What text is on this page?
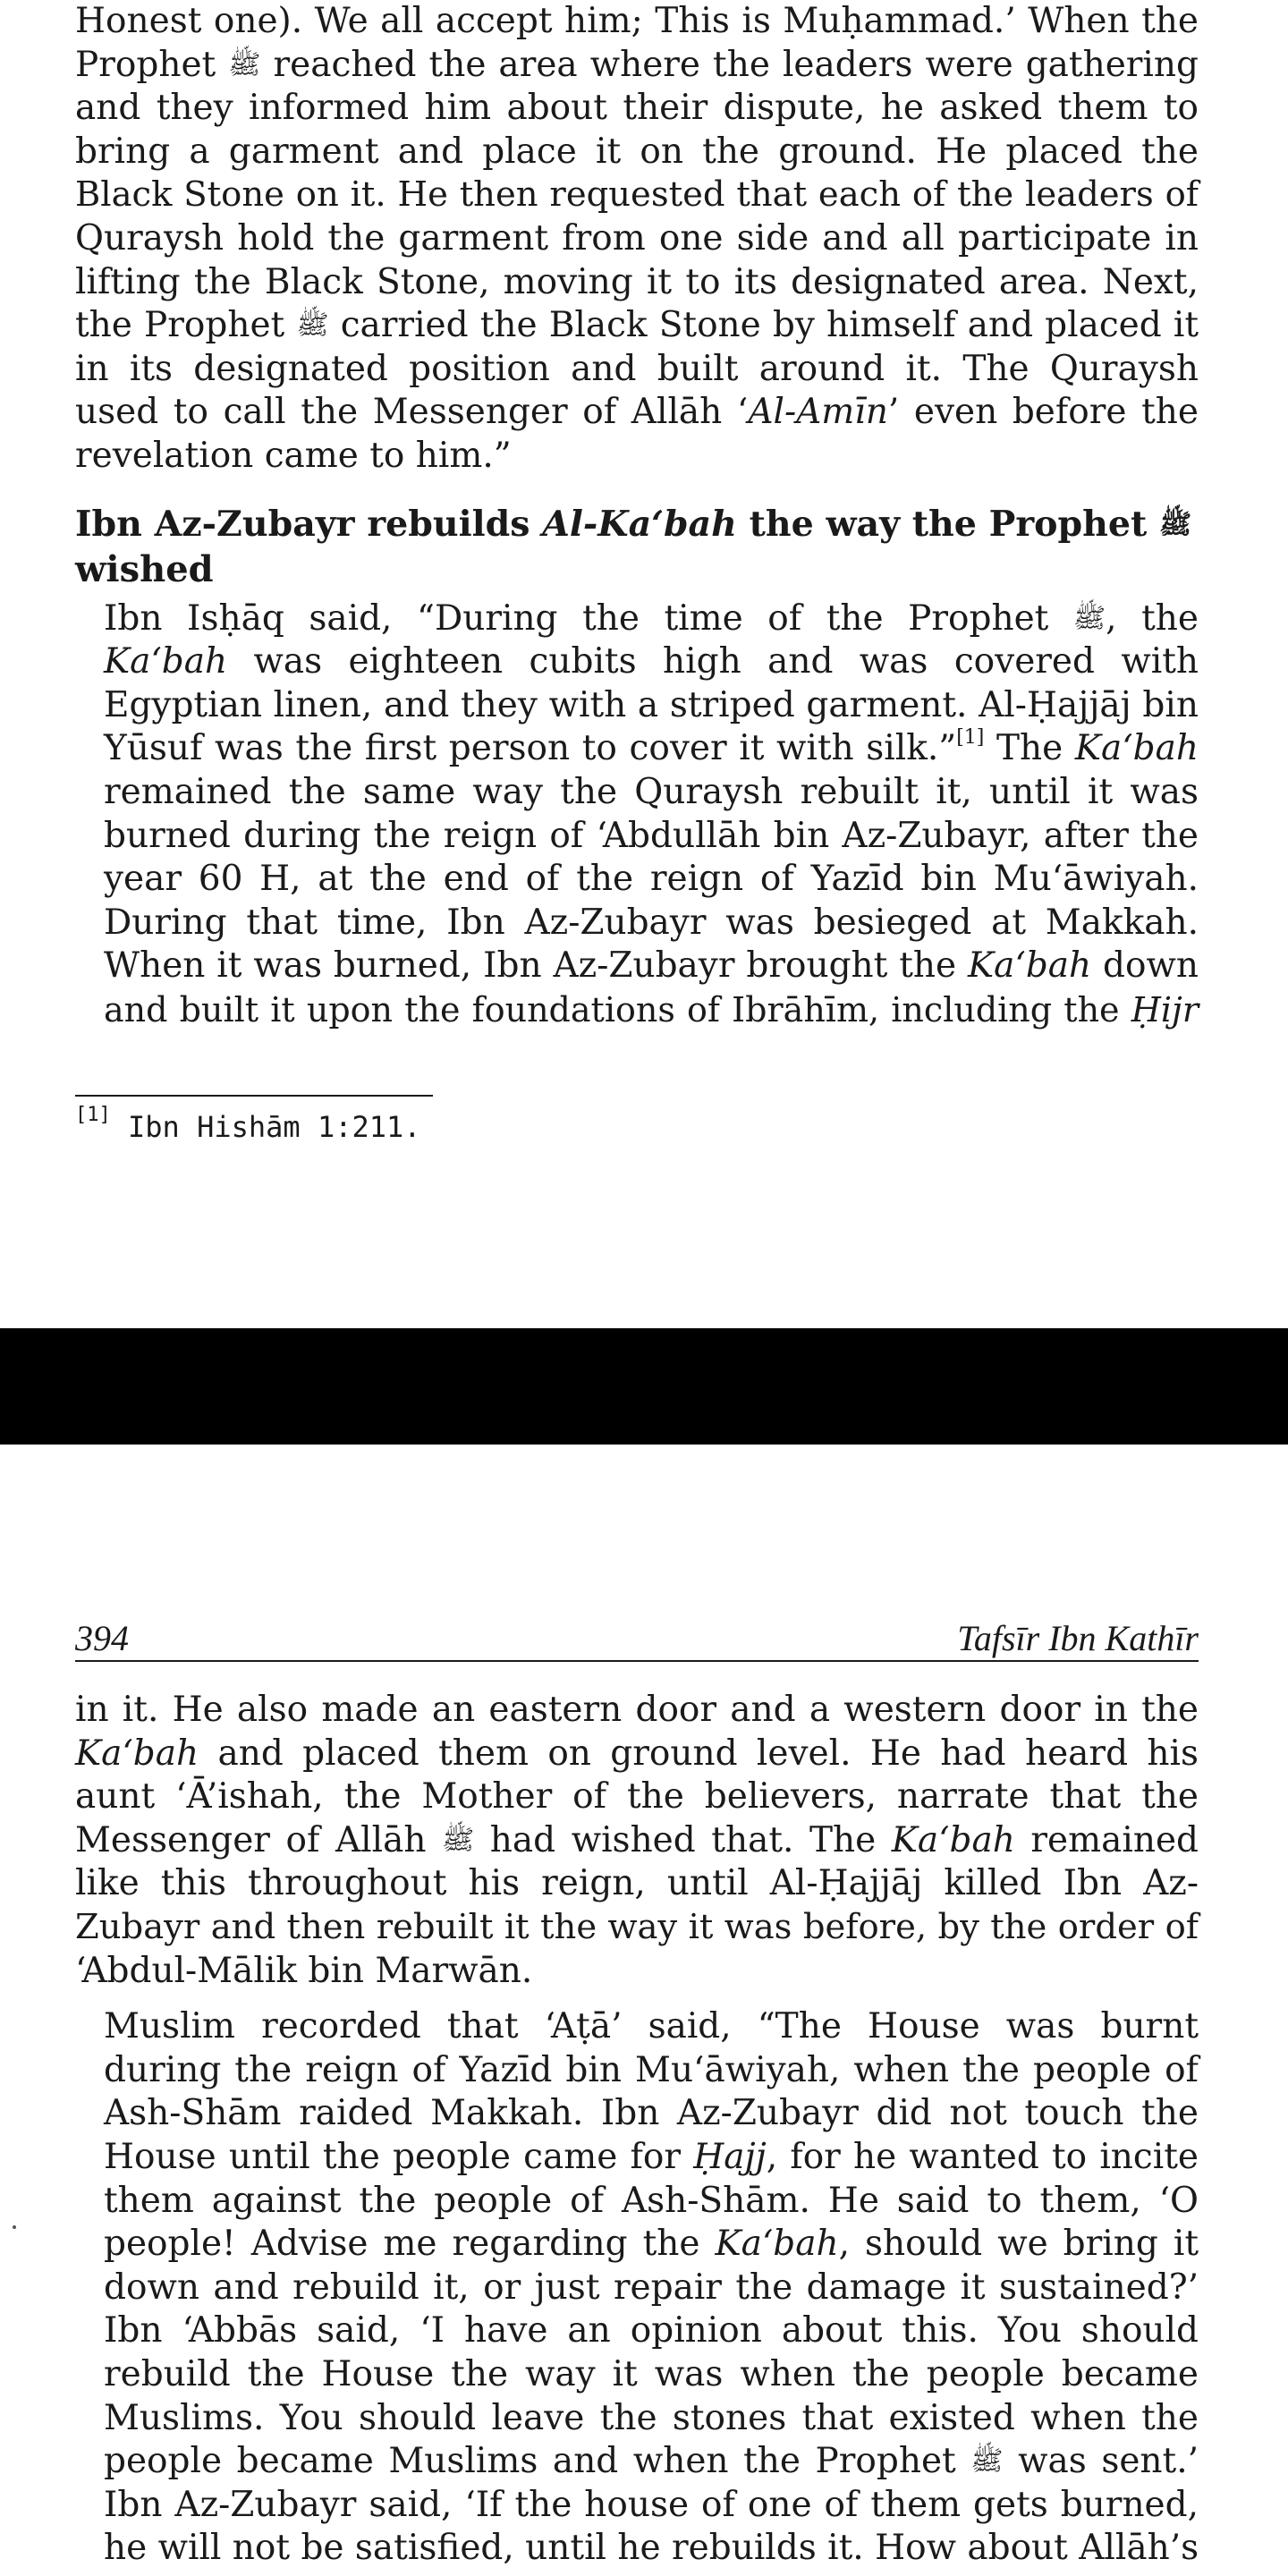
Honest one). We all accept him; This is Muḥammad.’ When the
Prophet ﷺ reached the area where the leaders were gathering
and they informed him about their dispute, he asked them to
bring a garment and place it on the ground. He placed the
Black Stone on it. He then requested that each of the leaders of
Quraysh hold the garment from one side and all participate in
lifting the Black Stone, moving it to its designated area. Next,
the Prophet ﷺ carried the Black Stone by himself and placed it
in its designated position and built around it. The Quraysh
used to call the Messenger of Allāh ‘Al-Amīn’ even before the
revelation came to him.”

Ibn Az-Zubayr rebuilds Al-Ka‘bah the way the Prophet ﷺ
wished

Ibn Isḥāq said, “During the time of the Prophet ﷺ, the
Ka‘bah was eighteen cubits high and was covered with
Egyptian linen, and they with a striped garment. Al-Ḥajjāj bin
Yūsuf was the first person to cover it with silk.”[1] The Ka‘bah
remained the same way the Quraysh rebuilt it, until it was
burned during the reign of ‘Abdullāh bin Az-Zubayr, after the
year 60 H, at the end of the reign of Yazīd bin Mu‘āwiyah.
During that time, Ibn Az-Zubayr was besieged at Makkah.
When it was burned, Ibn Az-Zubayr brought the Ka‘bah down
and built it upon the foundations of Ibrāhīm, including the Ḥijr

[1] Ibn Hishām 1:211.
394	Tafsīr Ibn Kathīr

in it. He also made an eastern door and a western door in the
Ka‘bah and placed them on ground level. He had heard his
aunt ‘Ā’ishah, the Mother of the believers, narrate that the
Messenger of Allāh ﷺ had wished that. The Ka‘bah remained
like this throughout his reign, until Al-Ḥajjāj killed Ibn Az-
Zubayr and then rebuilt it the way it was before, by the order of
‘Abdul-Mālik bin Marwān.

Muslim recorded that ‘Aṭā’ said, “The House was burnt
during the reign of Yazīd bin Mu‘āwiyah, when the people of
Ash-Shām raided Makkah. Ibn Az-Zubayr did not touch the
House until the people came for Ḥajj, for he wanted to incite
them against the people of Ash-Shām. He said to them, ‘O
people! Advise me regarding the Ka‘bah, should we bring it
down and rebuild it, or just repair the damage it sustained?’
Ibn ‘Abbās said, ‘I have an opinion about this. You should
rebuild the House the way it was when the people became
Muslims. You should leave the stones that existed when the
people became Muslims and when the Prophet ﷺ was sent.’
Ibn Az-Zubayr said, ‘If the house of one of them gets burned,
he will not be satisfied, until he rebuilds it. How about Allāh’s
